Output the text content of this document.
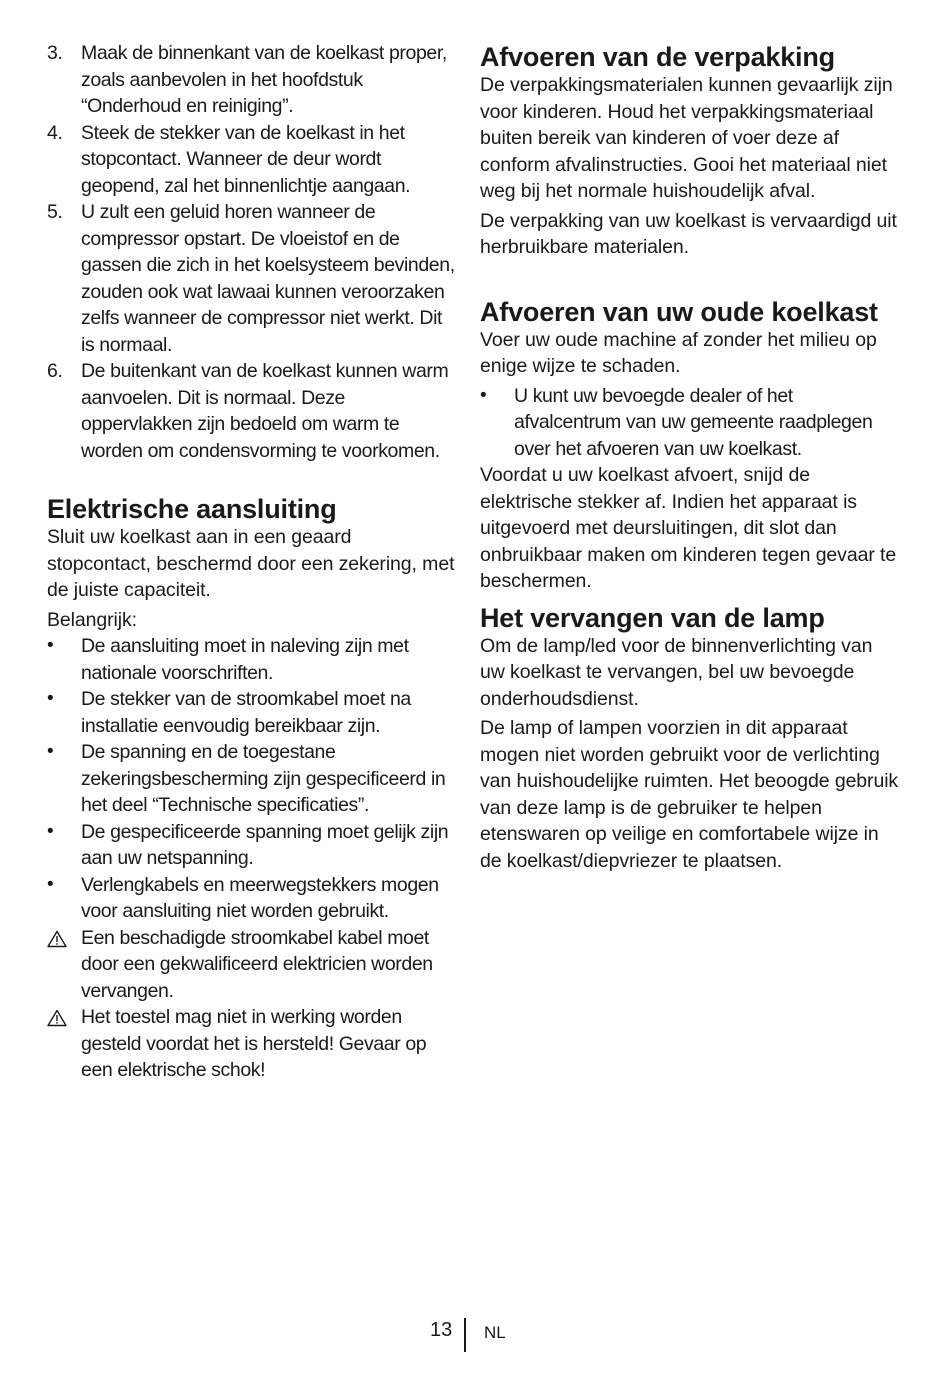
3. Maak de binnenkant van de koelkast proper, zoals aanbevolen in het hoofdstuk “Onderhoud en reiniging”.
4. Steek de stekker van de koelkast in het stopcontact. Wanneer de deur wordt geopend, zal het binnenlichtje aangaan.
5. U zult een geluid horen wanneer de compressor opstart. De vloeistof en de gassen die zich in het koelsysteem bevinden, zouden ook wat lawaai kunnen veroorzaken zelfs wanneer de compressor niet werkt. Dit is normaal.
6. De buitenkant van de koelkast kunnen warm aanvoelen. Dit is normaal. Deze oppervlakken zijn bedoeld om warm te worden om condensvorming te voorkomen.
Elektrische aansluiting

Sluit uw koelkast aan in een geaard stopcontact, beschermd door een zekering, met de juiste capaciteit.

Belangrijk:

• De aansluiting moet in naleving zijn met nationale voorschriften.
• De stekker van de stroomkabel moet na installatie eenvoudig bereikbaar zijn.
• De spanning en de toegestane zekeringsbescherming zijn gespecificeerd in het deel “Technische specificaties”.
• De gespecificeerde spanning moet gelijk zijn aan uw netspanning.
• Verlengkabels en meerwegstekkers mogen voor aansluiting niet worden gebruikt.
Een beschadigde stroomkabel kabel moet door een gekwalificeerd elektricien worden vervangen.
Het toestel mag niet in werking worden gesteld voordat het is hersteld! Gevaar op een elektrische schok!
Afvoeren van de verpakking

De verpakkingsmaterialen kunnen gevaarlijk zijn voor kinderen. Houd het verpakkingsmateriaal buiten bereik van kinderen of voer deze af conform afvalinstructies. Gooi het materiaal niet weg bij het normale huishoudelijk afval.

De verpakking van uw koelkast is vervaardigd uit herbruikbare materialen.

Afvoeren van uw oude koelkast

Voer uw oude machine af zonder het milieu op enige wijze te schaden.

• U kunt uw bevoegde dealer of het afvalcentrum van uw gemeente raadplegen over het afvoeren van uw koelkast.

Voordat u uw koelkast afvoert, snijd de elektrische stekker af. Indien het apparaat is uitgevoerd met deursluitingen, dit slot dan onbruikbaar maken om kinderen tegen gevaar te beschermen.

Het vervangen van de lamp

Om de lamp/led voor de binnenverlichting van uw koelkast te vervangen, bel uw bevoegde onderhoudsdienst.

De lamp of lampen voorzien in dit apparaat mogen niet worden gebruikt voor de verlichting van huishoudelijke ruimten. Het beoogde gebruik van deze lamp is de gebruiker te helpen etenswaren op veilige en comfortabele wijze in de koelkast/diepvriezer te plaatsen.

13 NL
